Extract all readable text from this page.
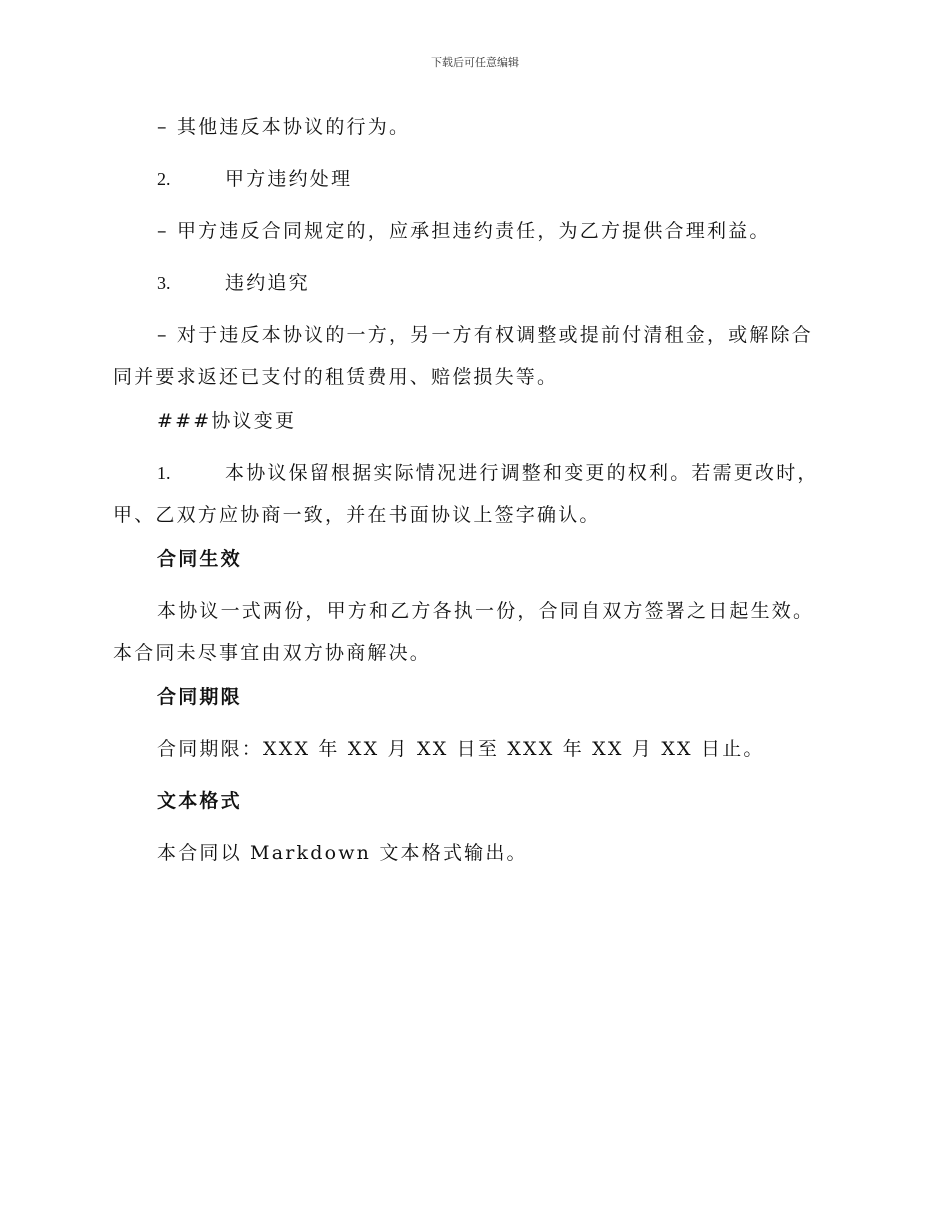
下载后可任意编辑
– 其他违反本协议的行为。
2.	甲方违约处理
– 甲方违反合同规定的，应承担违约责任，为乙方提供合理利益。
3.	违约追究
– 对于违反本协议的一方，另一方有权调整或提前付清租金，或解除合同并要求返还已支付的租赁费用、赔偿损失等。
###协议变更
1.	本协议保留根据实际情况进行调整和变更的权利。若需更改时，甲、乙双方应协商一致，并在书面协议上签字确认。
合同生效
本协议一式两份，甲方和乙方各执一份，合同自双方签署之日起生效。本合同未尽事宜由双方协商解决。
合同期限
合同期限：XXX 年 XX 月 XX 日至 XXX 年 XX 月 XX 日止。
文本格式
本合同以 Markdown 文本格式输出。
